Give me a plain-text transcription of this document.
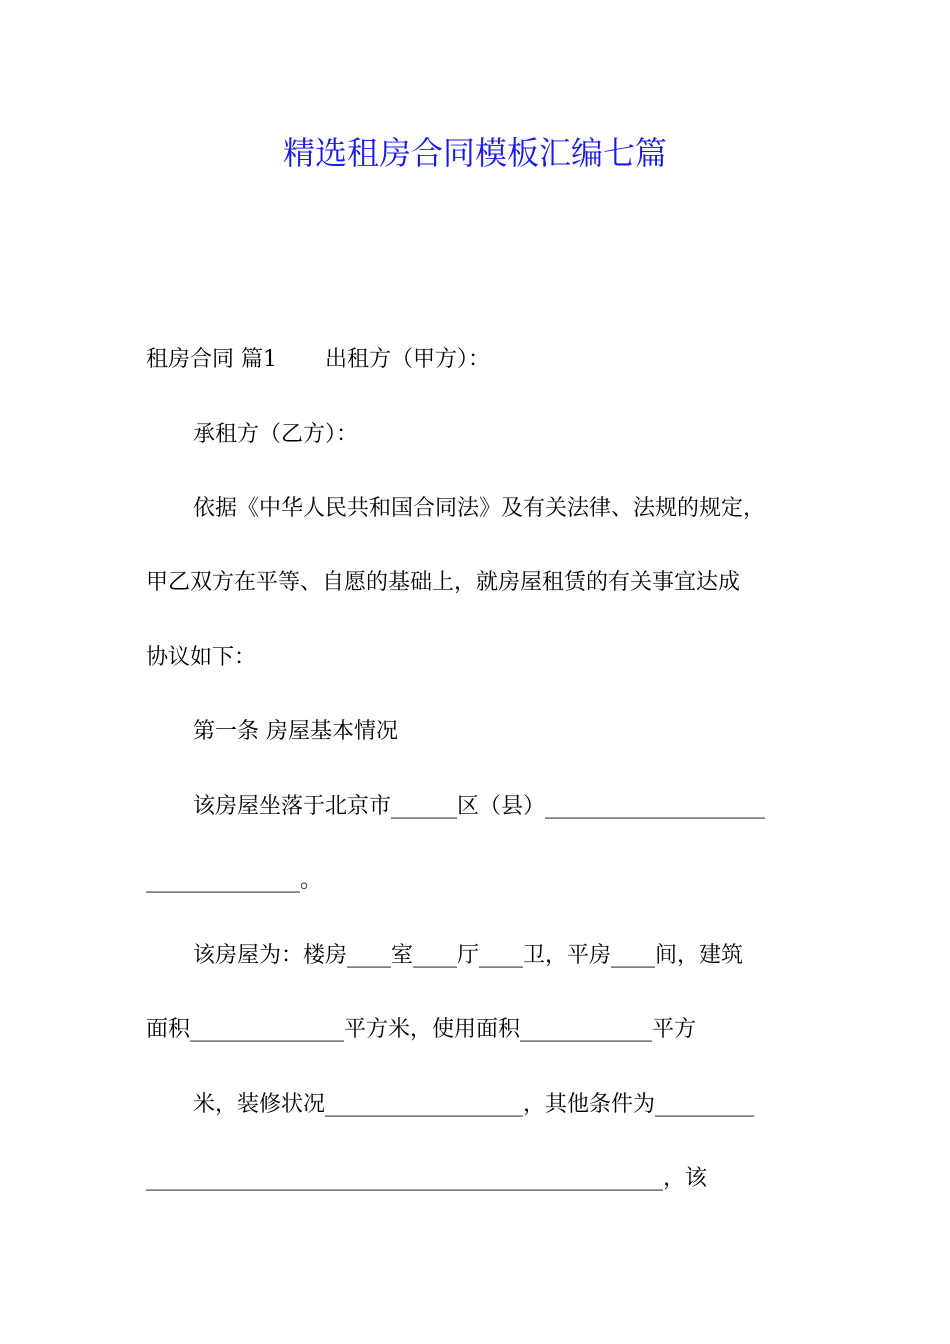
精选租房合同模板汇编七篇
租房合同 篇1 出租方（甲方）：
承租方（乙方）：
依据《中华人民共和国合同法》及有关法律、法规的规定，
甲乙双方在平等、自愿的基础上，就房屋租赁的有关事宜达成
协议如下：
第一条 房屋基本情况
该房屋坐落于北京市______区（县）____________________
______________。
该房屋为：楼房____室____厅____卫，平房____间，建筑
面积______________平方米，使用面积____________平方
米，装修状况__________________，其他条件为_________
_______________________________________________，该
